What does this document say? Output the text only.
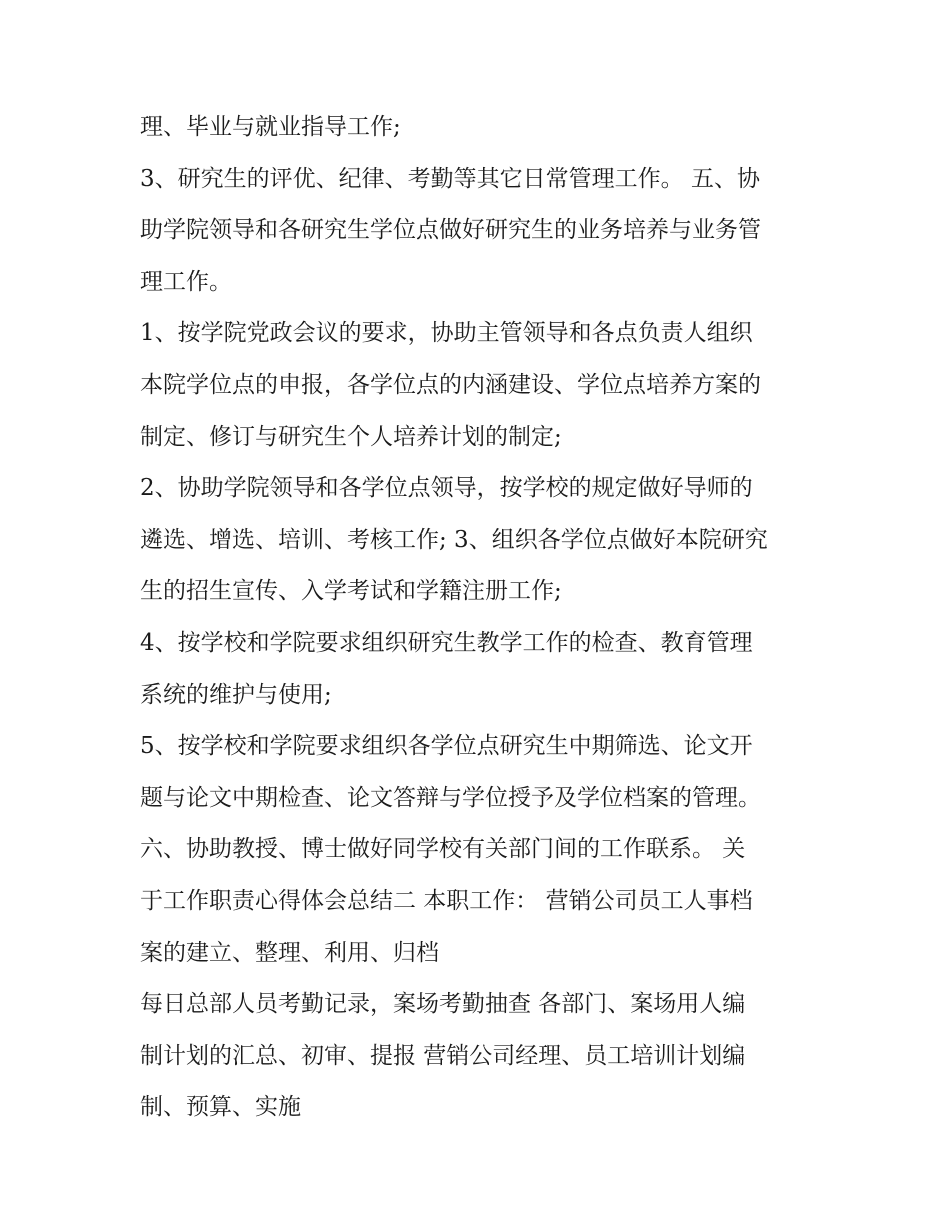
理、毕业与就业指导工作;
3、研究生的评优、纪律、考勤等其它日常管理工作。 五、协
助学院领导和各研究生学位点做好研究生的业务培养与业务管
理工作。
1、按学院党政会议的要求，协助主管领导和各点负责人组织
本院学位点的申报，各学位点的内涵建设、学位点培养方案的
制定、修订与研究生个人培养计划的制定;
2、协助学院领导和各学位点领导，按学校的规定做好导师的
遴选、增选、培训、考核工作; 3、组织各学位点做好本院研究
生的招生宣传、入学考试和学籍注册工作;
4、按学校和学院要求组织研究生教学工作的检查、教育管理
系统的维护与使用;
5、按学校和学院要求组织各学位点研究生中期筛选、论文开
题与论文中期检查、论文答辩与学位授予及学位档案的管理。
六、协助教授、博士做好同学校有关部门间的工作联系。 关
于工作职责心得体会总结二 本职工作： 营销公司员工人事档
案的建立、整理、利用、归档
每日总部人员考勤记录，案场考勤抽查 各部门、案场用人编
制计划的汇总、初审、提报 营销公司经理、员工培训计划编
制、预算、实施
